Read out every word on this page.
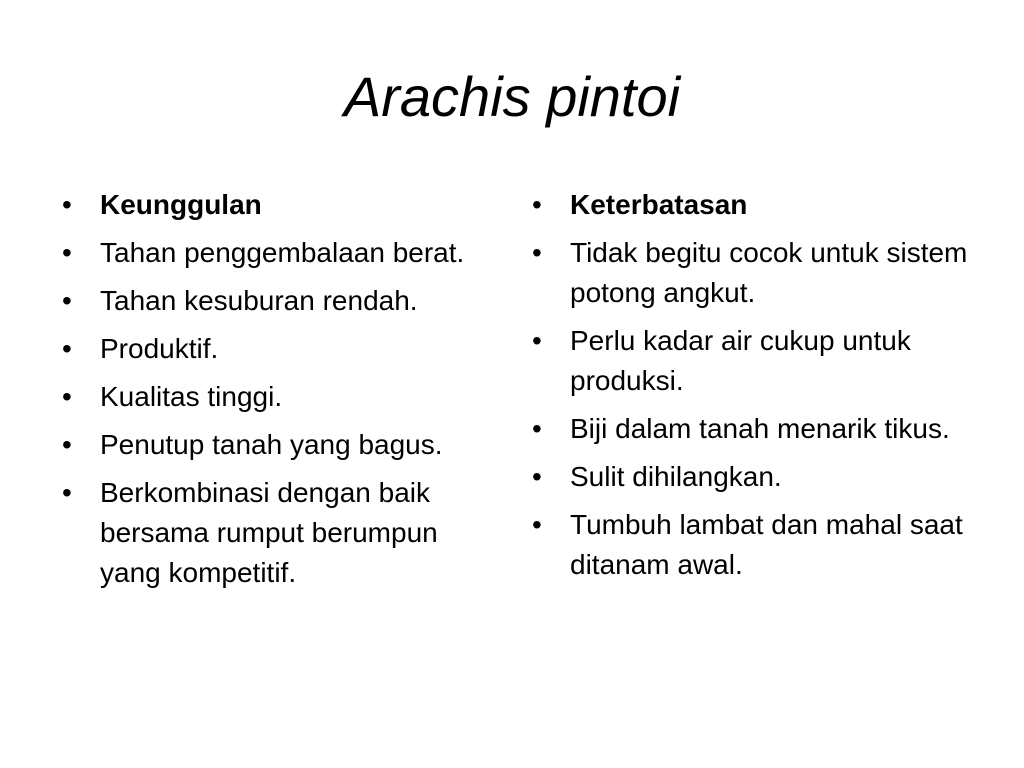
Arachis pintoi
•	Keunggulan
•	Tahan penggembalaan berat.
•	Tahan kesuburan rendah.
•	Produktif.
•	Kualitas tinggi.
•	Penutup tanah yang bagus.
•	Berkombinasi dengan baik bersama rumput berumpun yang kompetitif.
•	Keterbatasan
•	Tidak begitu cocok untuk sistem potong angkut.
•	Perlu kadar air cukup untuk produksi.
•	Biji dalam tanah menarik tikus.
•	Sulit dihilangkan.
•	Tumbuh lambat dan mahal saat ditanam awal.
